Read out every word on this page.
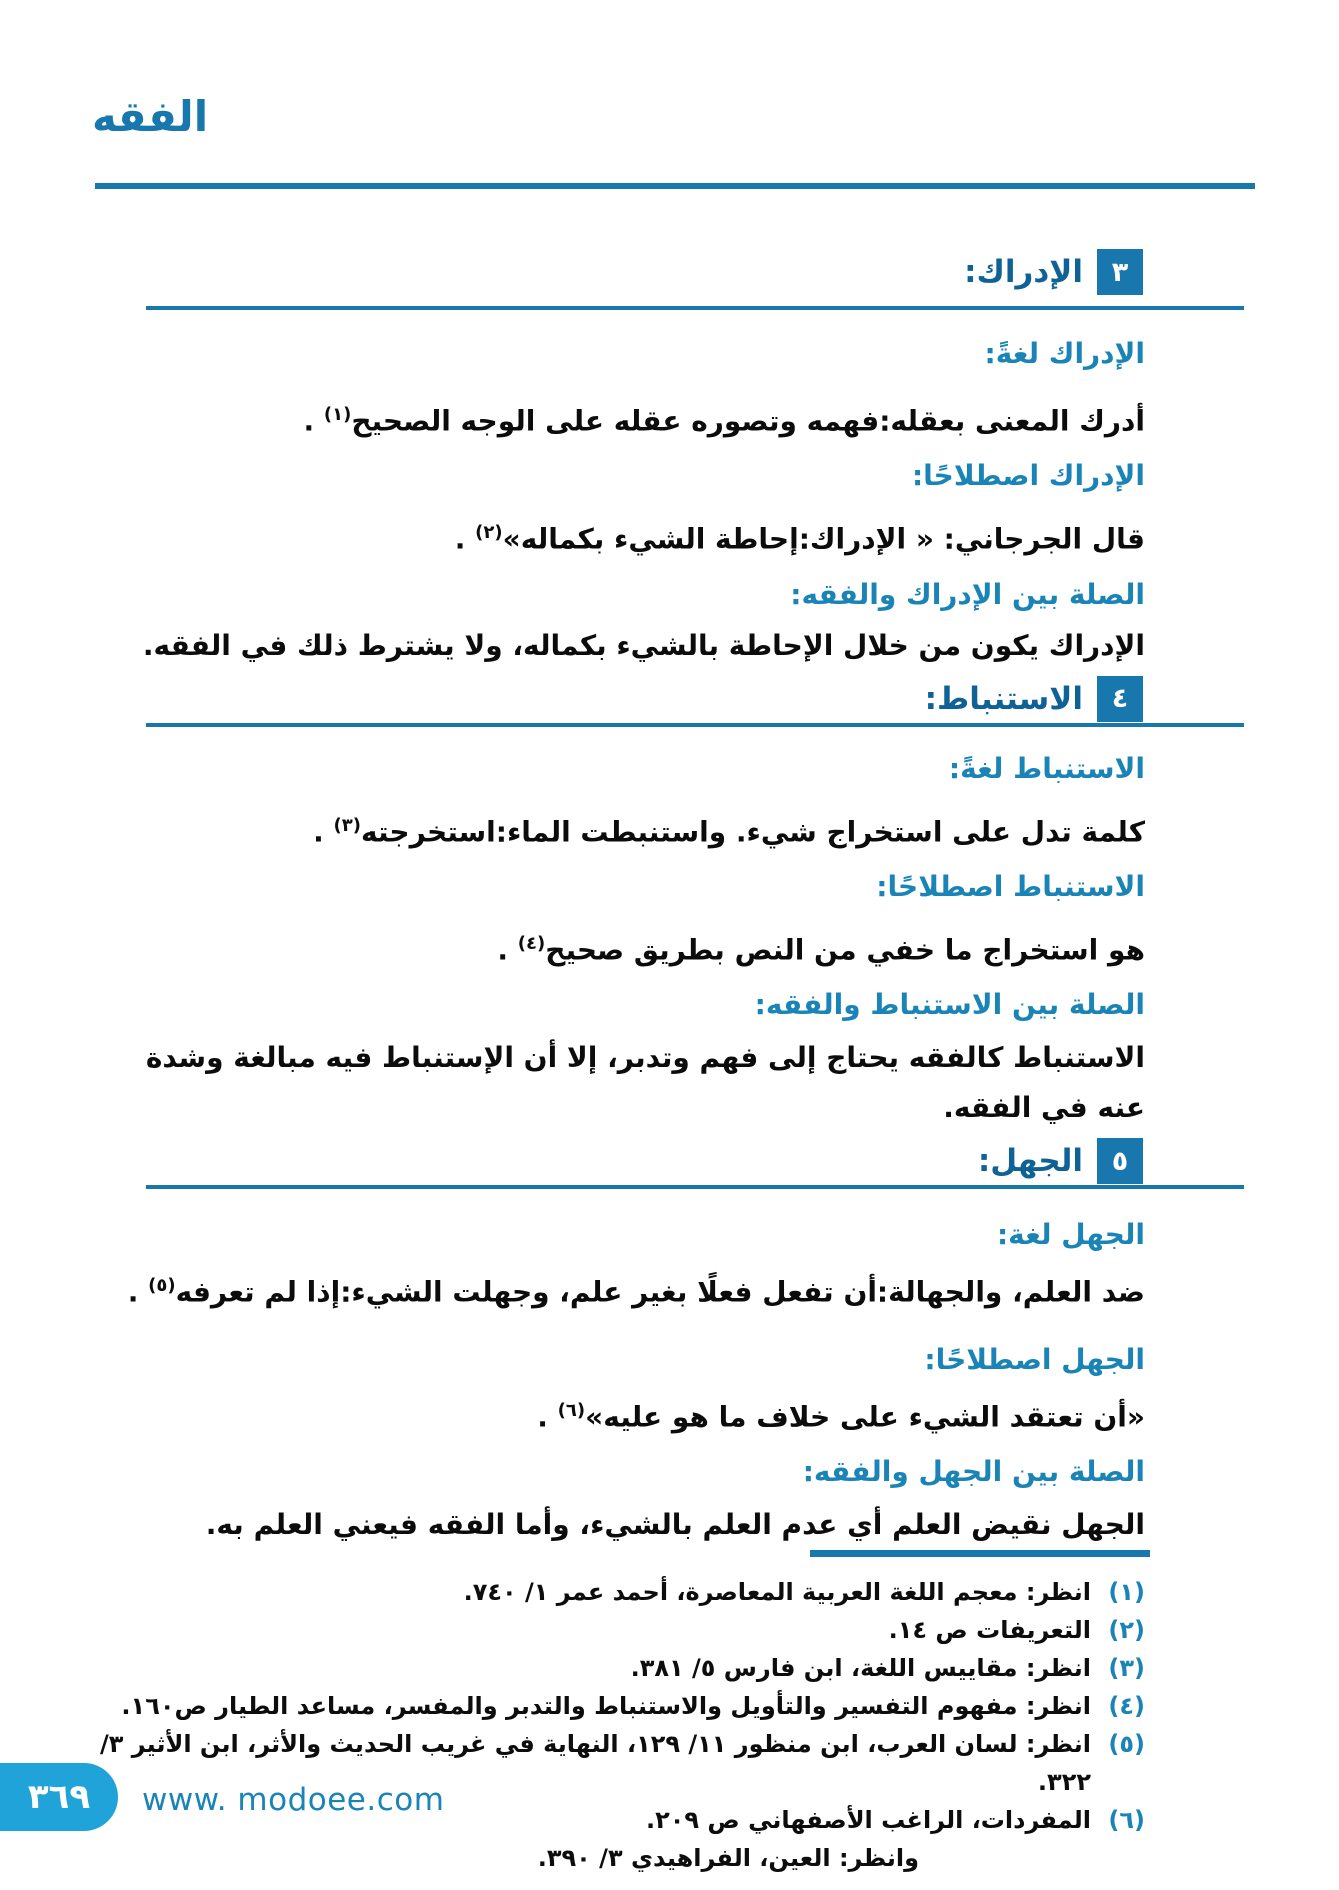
الفقه
٣
الإدراك:
الإدراك لغةً:
أدرك المعنى بعقله:فهمه وتصوره عقله على الوجه الصحيح$^{(١)}$ .
الإدراك اصطلاحًا:
قال الجرجاني: « الإدراك:إحاطة الشيء بكماله»$^{(٢)}$ .
الصلة بين الإدراك والفقه:
الإدراك يكون من خلال الإحاطة بالشيء بكماله، ولا يشترط ذلك في الفقه.
٤
الاستنباط:
الاستنباط لغةً:
كلمة تدل على استخراج شيء. واستنبطت الماء:استخرجته$^{(٣)}$ .
الاستنباط اصطلاحًا:
هو استخراج ما خفي من النص بطريق صحيح$^{(٤)}$ .
الصلة بين الاستنباط والفقه:
الاستنباط كالفقه يحتاج إلى فهم وتدبر، إلا أن الإستنباط فيه مبالغة وشدة عنه في الفقه.
٥
الجهل:
الجهل لغة:
ضد العلم، والجهالة:أن تفعل فعلًا بغير علم، وجهلت الشيء:إذا لم تعرفه$^{(٥)}$ .
الجهل اصطلاحًا:
«أن تعتقد الشيء على خلاف ما هو عليه»$^{(٦)}$ .
الصلة بين الجهل والفقه:
الجهل نقيض العلم أي عدم العلم بالشيء، وأما الفقه فيعني العلم به.
(١)
انظر: معجم اللغة العربية المعاصرة، أحمد عمر ١/ ٧٤٠.
(٢)
التعريفات ص ١٤.
(٣)
انظر: مقاييس اللغة، ابن فارس ٥/ ٣٨١.
(٤)
انظر: مفهوم التفسير والتأويل والاستنباط والتدبر والمفسر، مساعد الطيار ص١٦٠.
(٥)
انظر: لسان العرب، ابن منظور ١١/ ١٢٩، النهاية في غريب الحديث والأثر، ابن الأثير ٣/ ٣٢٢.
(٦)
المفردات، الراغب الأصفهاني ص ٢٠٩.
وانظر: العين، الفراهيدي ٣/ ٣٩٠.
٣٦٩	www. modoee.com
